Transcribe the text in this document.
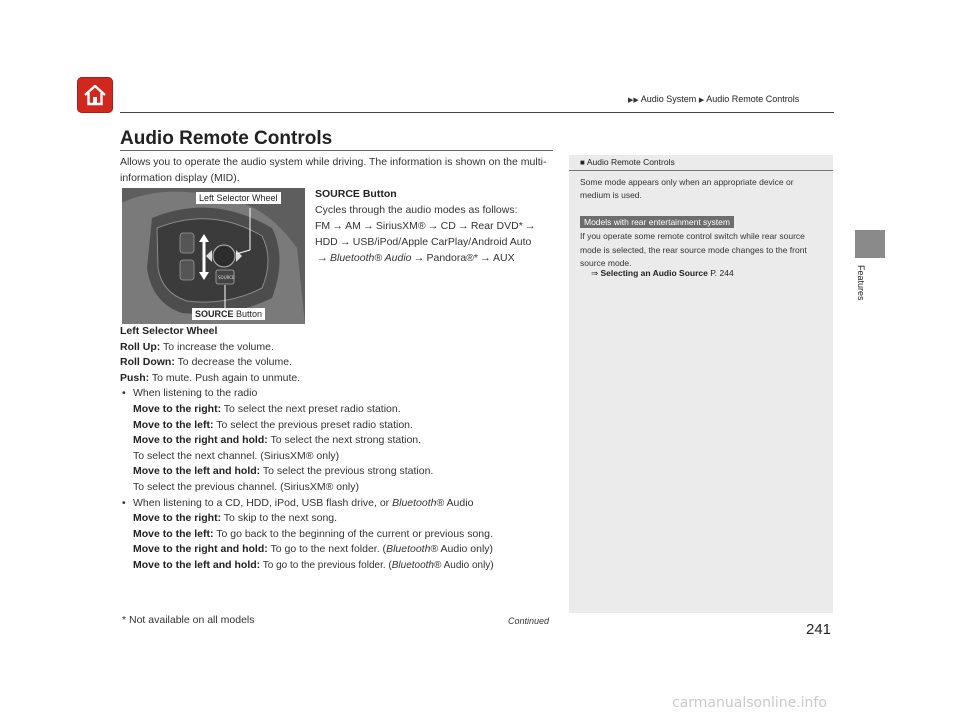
▶▶ Audio System ▶ Audio Remote Controls
Features
Audio Remote Controls
Allows you to operate the audio system while driving. The information is shown on the multi-information display (MID).
SOURCE
Left Selector Wheel
SOURCE Button
SOURCE Button
Cycles through the audio modes as follows:
FM → AM → SiriusXM® → CD → Rear DVD* →
HDD → USB/iPod/Apple CarPlay/Android Auto
→ Bluetooth® Audio → Pandora®* → AUX
Left Selector Wheel
Roll Up: To increase the volume.
Roll Down: To decrease the volume.
Push: To mute. Push again to unmute.
• When listening to the radio
Move to the right: To select the next preset radio station.
Move to the left: To select the previous preset radio station.
Move to the right and hold: To select the next strong station.
To select the next channel. (SiriusXM® only)
Move to the left and hold: To select the previous strong station.
To select the previous channel. (SiriusXM® only)
• When listening to a CD, HDD, iPod, USB flash drive, or Bluetooth® Audio
Move to the right: To skip to the next song.
Move to the left: To go back to the beginning of the current or previous song.
Move to the right and hold: To go to the next folder. (Bluetooth® Audio only)
Move to the left and hold: To go to the previous folder. (Bluetooth® Audio only)
■ Audio Remote Controls
Some mode appears only when an appropriate device or medium is used.
Models with rear entertainment system
If you operate some remote control switch while rear source mode is selected, the rear source mode changes to the front source mode.
⇒ Selecting an Audio Source P. 244
* Not available on all models	Continued	241
carmanualsonline.info
